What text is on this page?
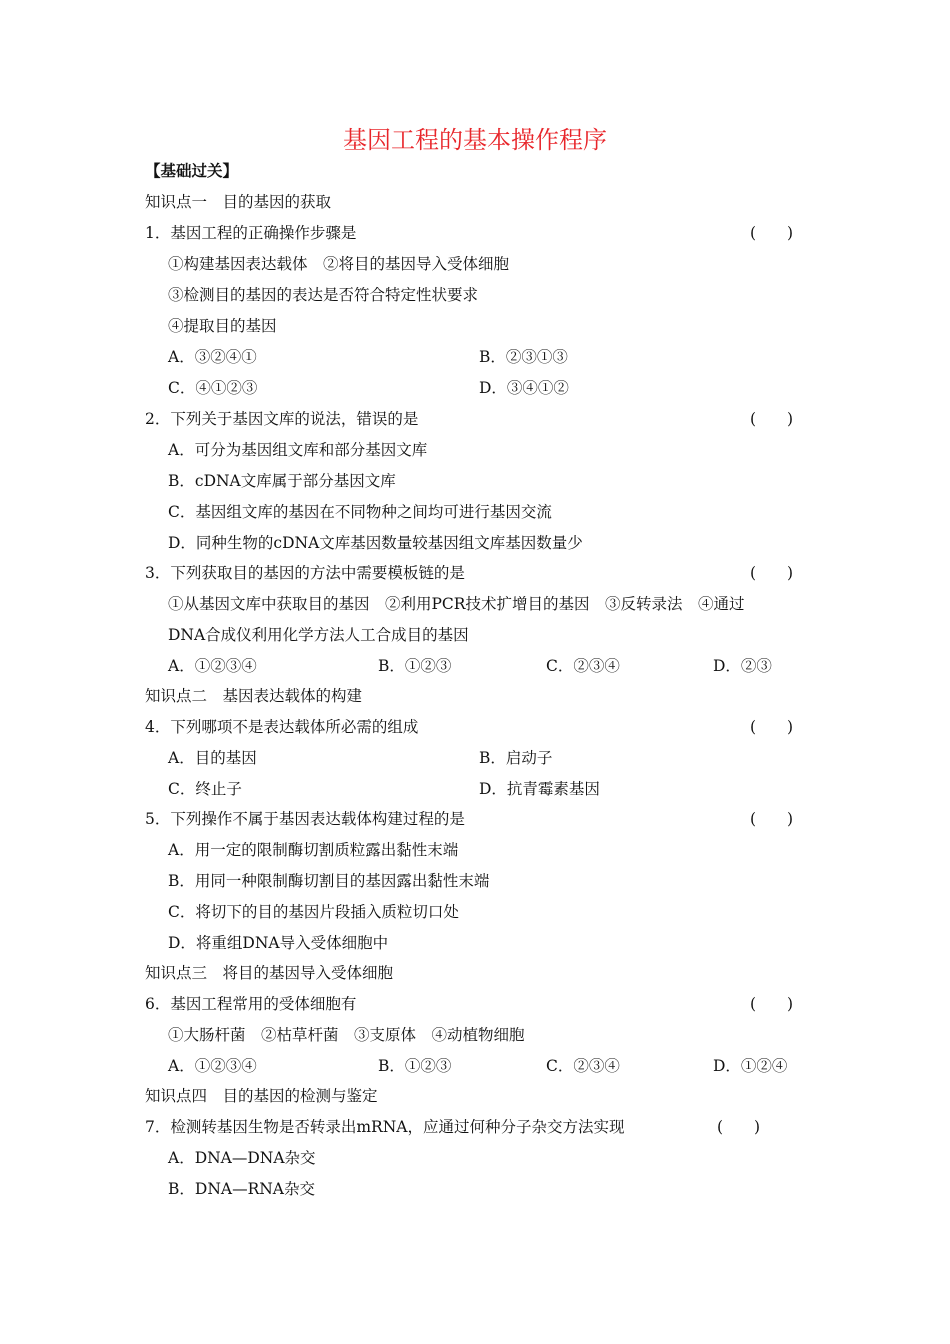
基因工程的基本操作程序
【基础过关】
知识点一　目的基因的获取
1．基因工程的正确操作步骤是	(　　)
①构建基因表达载体　②将目的基因导入受体细胞
③检测目的基因的表达是否符合特定性状要求
④提取目的基因
A．③②④①	B．②③①③
C．④①②③	D．③④①②
2．下列关于基因文库的说法，错误的是	(　　)
A．可分为基因组文库和部分基因文库
B．cDNA文库属于部分基因文库
C．基因组文库的基因在不同物种之间均可进行基因交流
D．同种生物的cDNA文库基因数量较基因组文库基因数量少
3．下列获取目的基因的方法中需要模板链的是	(　　)
①从基因文库中获取目的基因　②利用PCR技术扩增目的基因　③反转录法　④通过
DNA合成仪利用化学方法人工合成目的基因
A．①②③④	B．①②③	C．②③④	D．②③
知识点二　基因表达载体的构建
4．下列哪项不是表达载体所必需的组成	(　　)
A．目的基因	B．启动子
C．终止子	D．抗青霉素基因
5．下列操作不属于基因表达载体构建过程的是	(　　)
A．用一定的限制酶切割质粒露出黏性末端
B．用同一种限制酶切割目的基因露出黏性末端
C．将切下的目的基因片段插入质粒切口处
D．将重组DNA导入受体细胞中
知识点三　将目的基因导入受体细胞
6．基因工程常用的受体细胞有	(　　)
①大肠杆菌　②枯草杆菌　③支原体　④动植物细胞
A．①②③④	B．①②③	C．②③④	D．①②④
知识点四　目的基因的检测与鉴定
7．检测转基因生物是否转录出mRNA，应通过何种分子杂交方法实现	(　　)
A．DNA—DNA杂交
B．DNA—RNA杂交
